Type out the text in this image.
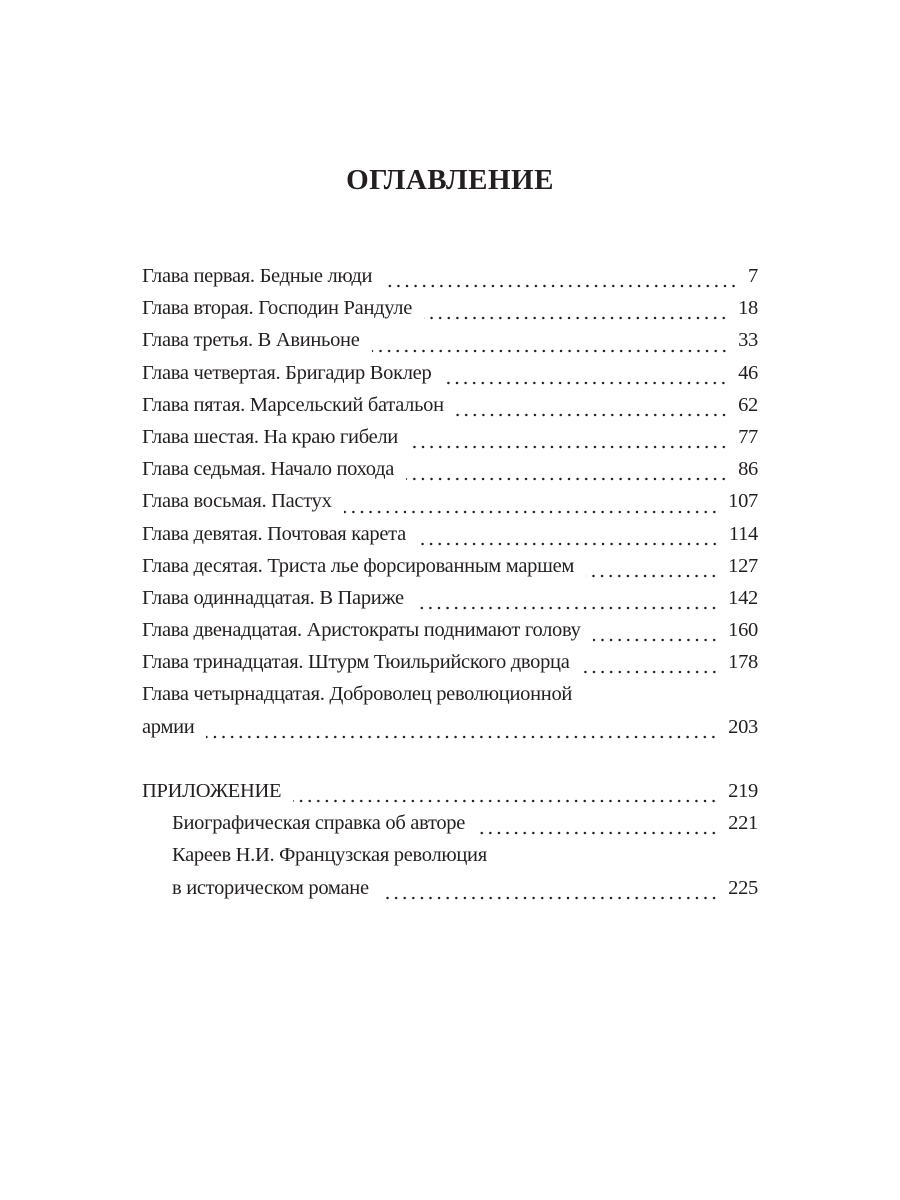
ОГЛАВЛЕНИЕ
Глава первая. Бедные люди	7
Глава вторая. Господин Рандуле	18
Глава третья. В Авиньоне	33
Глава четвертая. Бригадир Воклер	46
Глава пятая. Марсельский батальон	62
Глава шестая. На краю гибели	77
Глава седьмая. Начало похода	86
Глава восьмая. Пастух	107
Глава девятая. Почтовая карета	114
Глава десятая. Триста лье форсированным маршем	127
Глава одиннадцатая. В Париже	142
Глава двенадцатая. Аристократы поднимают голову	160
Глава тринадцатая. Штурм Тюильрийского дворца	178
Глава четырнадцатая. Доброволец революционной
армии	203
ПРИЛОЖЕНИЕ	219
Биографическая справка об авторе	221
Кареев Н.И. Французская революция
в историческом романе	225
